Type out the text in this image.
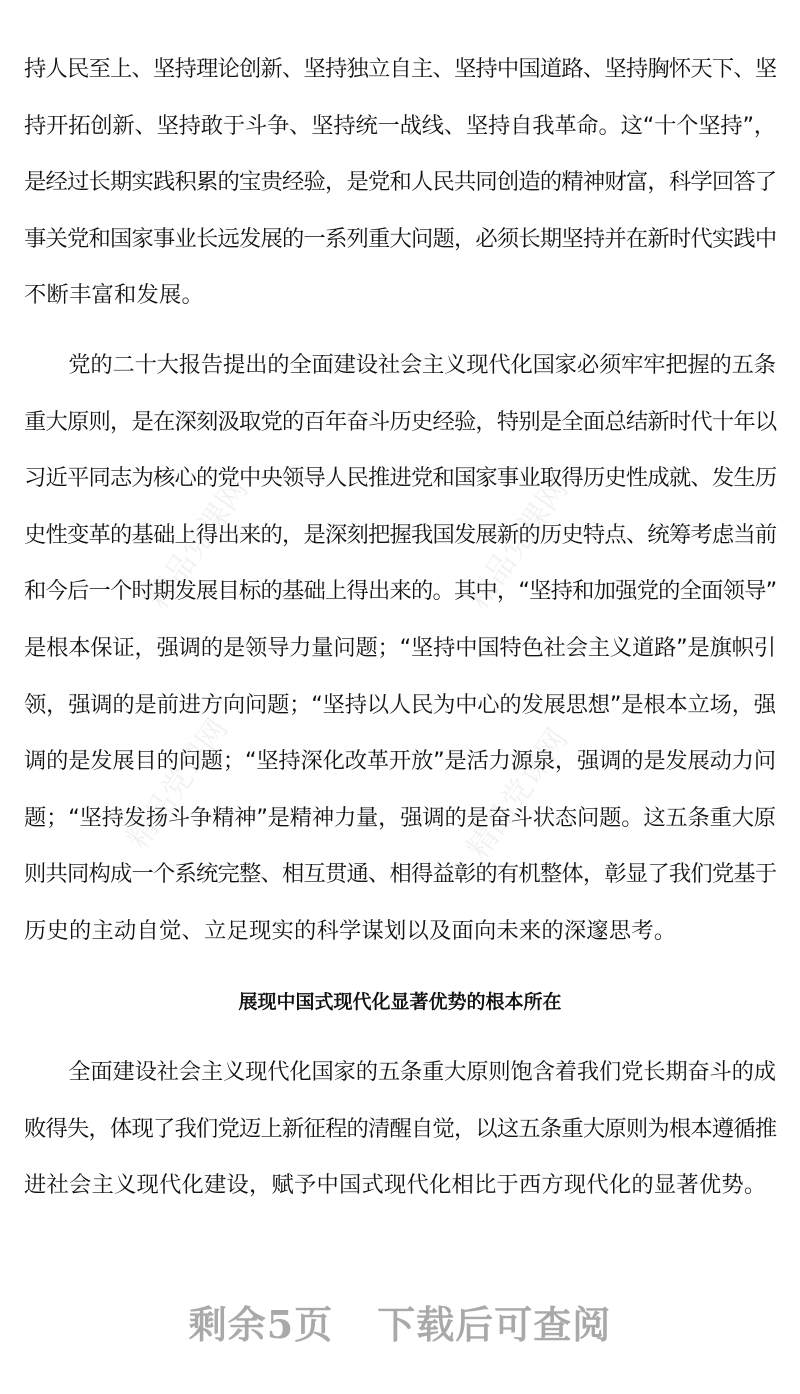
精品党课网	精品党课网
精品党课网	精品党课网
持人民至上、坚持理论创新、坚持独立自主、坚持中国道路、坚持胸怀天下、坚
持开拓创新、坚持敢于斗争、坚持统一战线、坚持自我革命。这“十个坚持”，
是经过长期实践积累的宝贵经验，是党和人民共同创造的精神财富，科学回答了
事关党和国家事业长远发展的一系列重大问题，必须长期坚持并在新时代实践中
不断丰富和发展。
　　党的二十大报告提出的全面建设社会主义现代化国家必须牢牢把握的五条
重大原则，是在深刻汲取党的百年奋斗历史经验，特别是全面总结新时代十年以
习近平同志为核心的党中央领导人民推进党和国家事业取得历史性成就、发生历
史性变革的基础上得出来的，是深刻把握我国发展新的历史特点、统筹考虑当前
和今后一个时期发展目标的基础上得出来的。其中，“坚持和加强党的全面领导”
是根本保证，强调的是领导力量问题；“坚持中国特色社会主义道路”是旗帜引
领，强调的是前进方向问题；“坚持以人民为中心的发展思想”是根本立场，强
调的是发展目的问题；“坚持深化改革开放”是活力源泉，强调的是发展动力问
题；“坚持发扬斗争精神”是精神力量，强调的是奋斗状态问题。这五条重大原
则共同构成一个系统完整、相互贯通、相得益彰的有机整体，彰显了我们党基于
历史的主动自觉、立足现实的科学谋划以及面向未来的深邃思考。
展现中国式现代化显著优势的根本所在
　　全面建设社会主义现代化国家的五条重大原则饱含着我们党长期奋斗的成
败得失，体现了我们党迈上新征程的清醒自觉，以这五条重大原则为根本遵循推
进社会主义现代化建设，赋予中国式现代化相比于西方现代化的显著优势。
剩余5页 下载后可查阅
